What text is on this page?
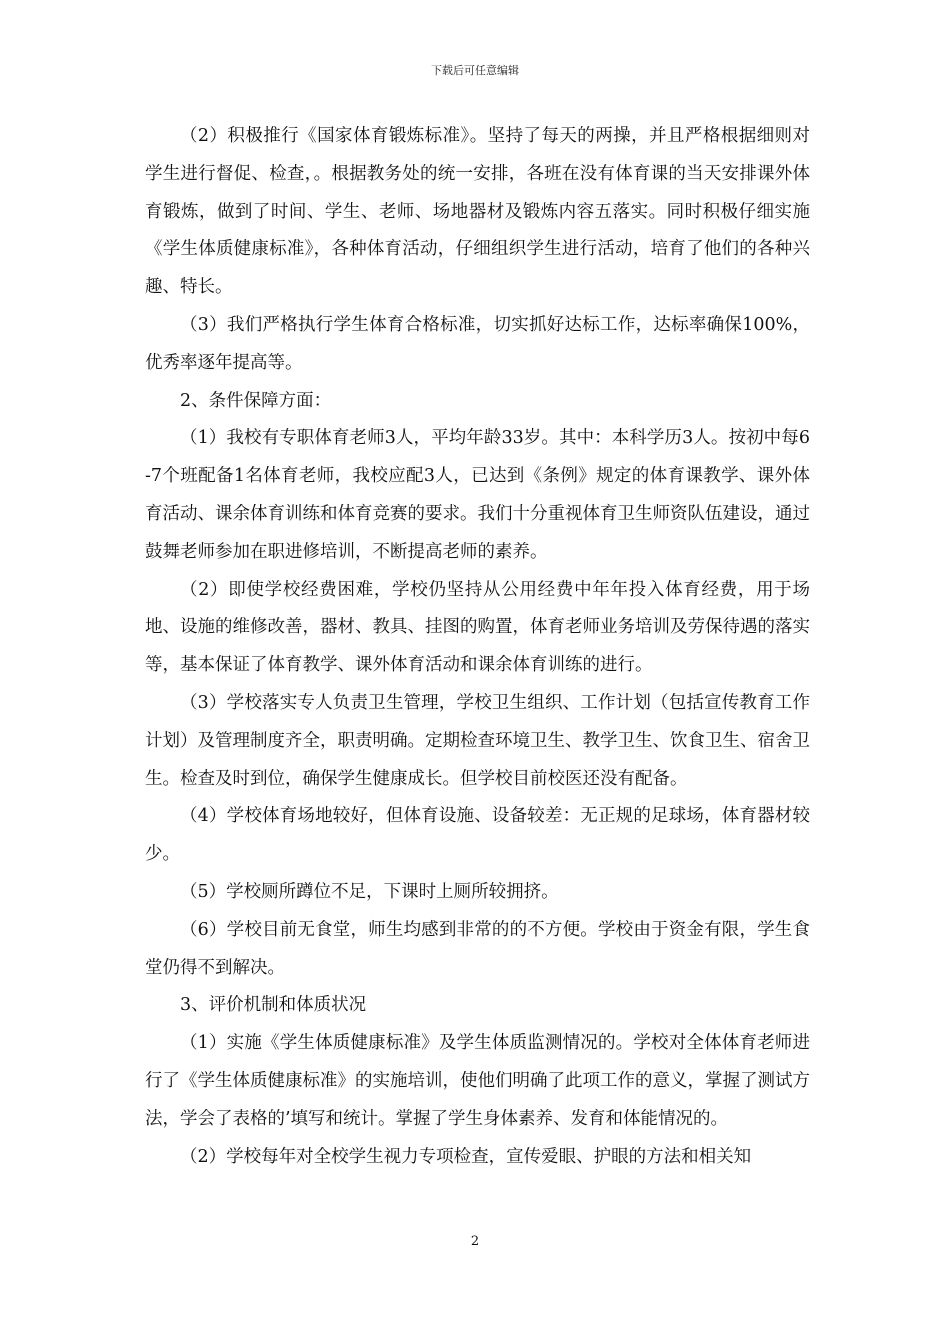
下载后可任意编辑

（2）积极推行《国家体育锻炼标准》。坚持了每天的两操，并且严格根据细则对学生进行督促、检查，。根据教务处的统一安排，各班在没有体育课的当天安排课外体育锻炼，做到了时间、学生、老师、场地器材及锻炼内容五落实。同时积极仔细实施《学生体质健康标准》，各种体育活动，仔细组织学生进行活动，培育了他们的各种兴趣、特长。

（3）我们严格执行学生体育合格标准，切实抓好达标工作，达标率确保100%，优秀率逐年提高等。

2、条件保障方面：

（1）我校有专职体育老师3人，平均年龄33岁。其中：本科学历3人。按初中每6-7个班配备1名体育老师，我校应配3人，已达到《条例》规定的体育课教学、课外体育活动、课余体育训练和体育竞赛的要求。我们十分重视体育卫生师资队伍建设，通过鼓舞老师参加在职进修培训，不断提高老师的素养。

（2）即使学校经费困难，学校仍坚持从公用经费中年年投入体育经费，用于场地、设施的维修改善，器材、教具、挂图的购置，体育老师业务培训及劳保待遇的落实等，基本保证了体育教学、课外体育活动和课余体育训练的进行。

（3）学校落实专人负责卫生管理，学校卫生组织、工作计划（包括宣传教育工作计划）及管理制度齐全，职责明确。定期检查环境卫生、教学卫生、饮食卫生、宿舍卫生。检查及时到位，确保学生健康成长。但学校目前校医还没有配备。

（4）学校体育场地较好，但体育设施、设备较差：无正规的足球场，体育器材较少。

（5）学校厕所蹲位不足，下课时上厕所较拥挤。

（6）学校目前无食堂，师生均感到非常的的不方便。学校由于资金有限，学生食堂仍得不到解决。

3、评价机制和体质状况

（1）实施《学生体质健康标准》及学生体质监测情况的。学校对全体体育老师进行了《学生体质健康标准》的实施培训，使他们明确了此项工作的意义，掌握了测试方法，学会了表格的’填写和统计。掌握了学生身体素养、发育和体能情况的。

（2）学校每年对全校学生视力专项检查，宣传爱眼、护眼的方法和相关知

2
